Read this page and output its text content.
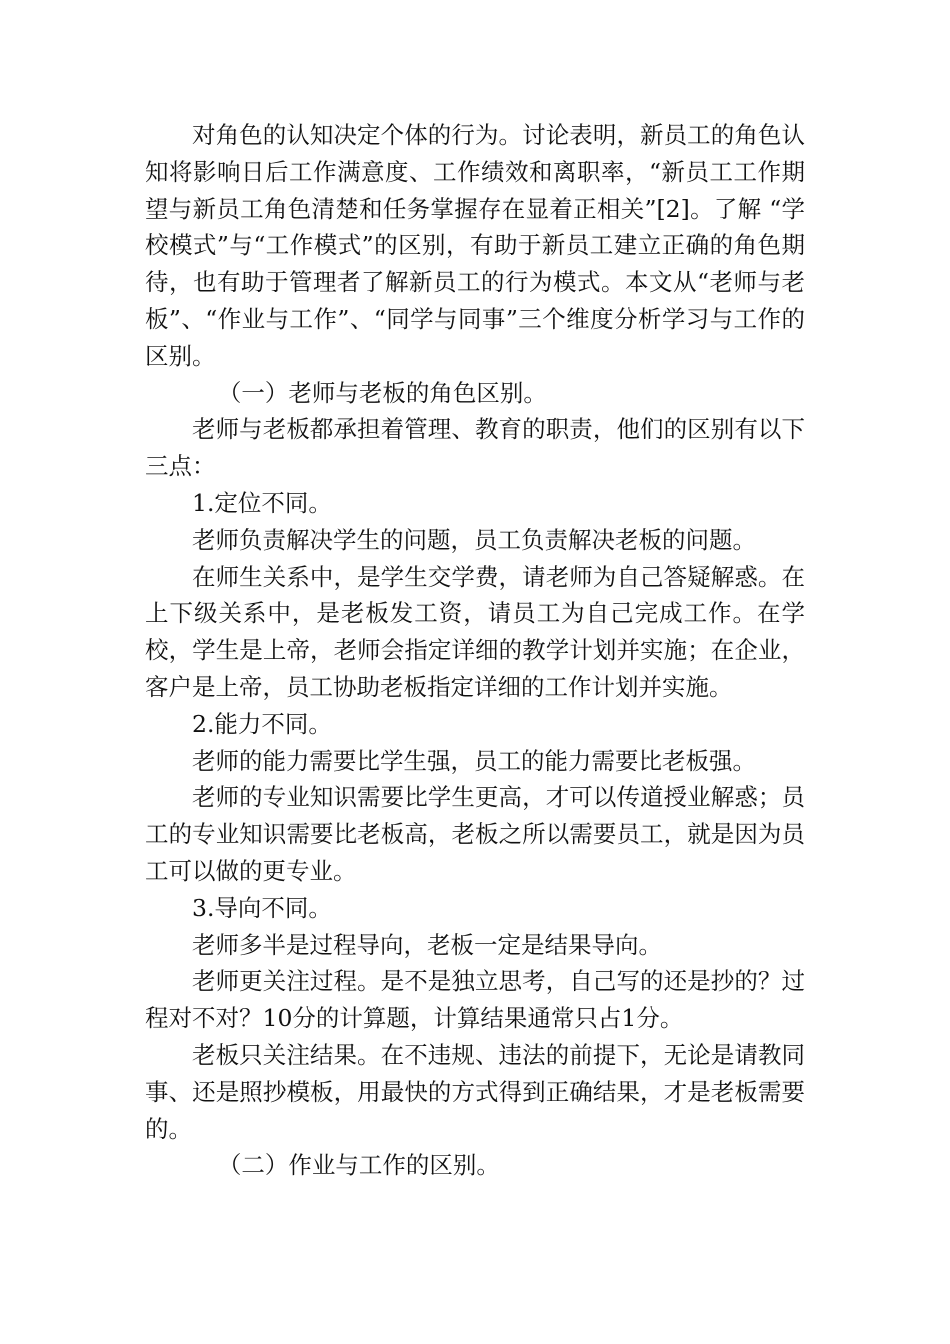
对角色的认知决定个体的行为。讨论表明，新员工的角色认知将影响日后工作满意度、工作绩效和离职率，“新员工工作期望与新员工角色清楚和任务掌握存在显着正相关”[2]。了解 “学校模式”与“工作模式”的区别，有助于新员工建立正确的角色期待，也有助于管理者了解新员工的行为模式。本文从“老师与老板”、“作业与工作”、“同学与同事”三个维度分析学习与工作的区别。

（一）老师与老板的角色区别。

老师与老板都承担着管理、教育的职责，他们的区别有以下三点：

1.定位不同。

老师负责解决学生的问题，员工负责解决老板的问题。

在师生关系中，是学生交学费，请老师为自己答疑解惑。在上下级关系中，是老板发工资，请员工为自己完成工作。在学校，学生是上帝，老师会指定详细的教学计划并实施；在企业，客户是上帝，员工协助老板指定详细的工作计划并实施。

2.能力不同。

老师的能力需要比学生强，员工的能力需要比老板强。

老师的专业知识需要比学生更高，才可以传道授业解惑；员工的专业知识需要比老板高，老板之所以需要员工，就是因为员工可以做的更专业。

3.导向不同。

老师多半是过程导向，老板一定是结果导向。

老师更关注过程。是不是独立思考，自己写的还是抄的？过程对不对？10分的计算题，计算结果通常只占1分。

老板只关注结果。在不违规、违法的前提下，无论是请教同事、还是照抄模板，用最快的方式得到正确结果，才是老板需要的。

（二）作业与工作的区别。
